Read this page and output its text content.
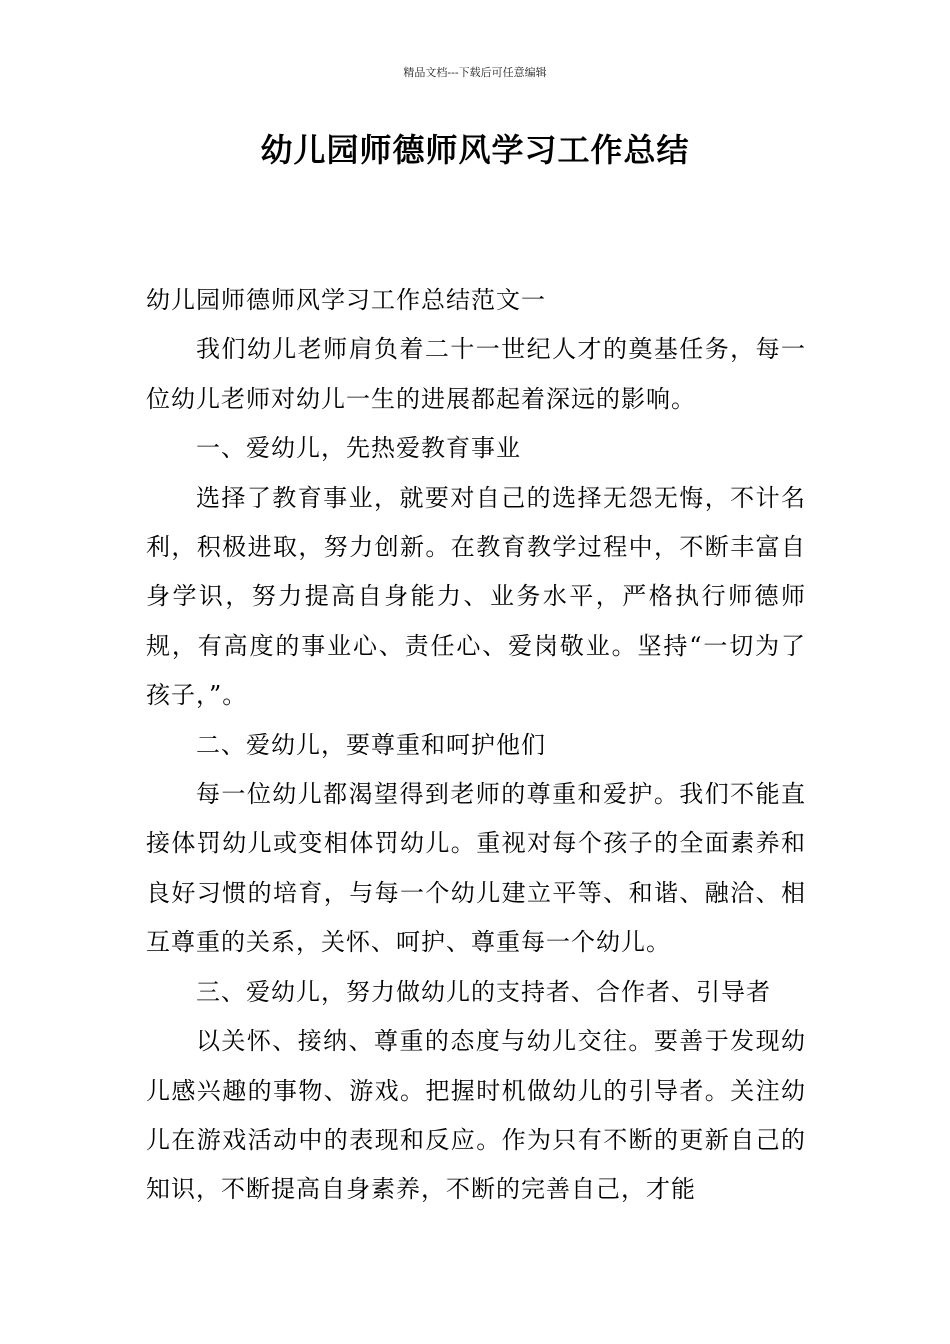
精品文档---下载后可任意编辑
幼儿园师德师风学习工作总结

幼儿园师德师风学习工作总结范文一

我们幼儿老师肩负着二十一世纪人才的奠基任务，每一位幼儿老师对幼儿一生的进展都起着深远的影响。

一、爱幼儿，先热爱教育事业

选择了教育事业，就要对自己的选择无怨无悔，不计名利，积极进取，努力创新。在教育教学过程中，不断丰富自身学识，努力提高自身能力、业务水平，严格执行师德师规，有高度的事业心、责任心、爱岗敬业。坚持“一切为了孩子，”。

二、爱幼儿，要尊重和呵护他们

每一位幼儿都渴望得到老师的尊重和爱护。我们不能直接体罚幼儿或变相体罚幼儿。重视对每个孩子的全面素养和良好习惯的培育，与每一个幼儿建立平等、和谐、融洽、相互尊重的关系，关怀、呵护、尊重每一个幼儿。

三、爱幼儿，努力做幼儿的支持者、合作者、引导者

以关怀、接纳、尊重的态度与幼儿交往。要善于发现幼儿感兴趣的事物、游戏。把握时机做幼儿的引导者。关注幼儿在游戏活动中的表现和反应。作为只有不断的更新自己的知识，不断提高自身素养，不断的完善自己，才能
